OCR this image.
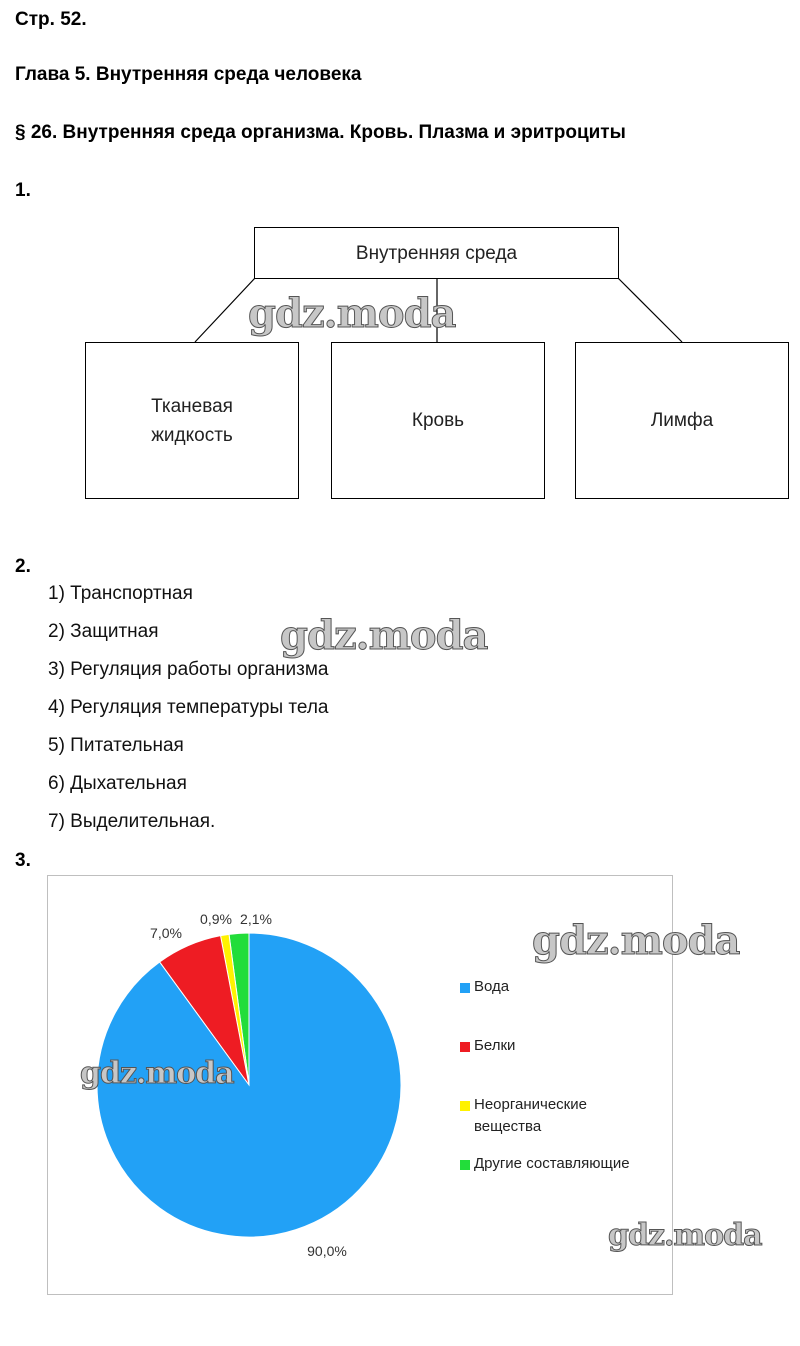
Стр. 52.
Глава 5. Внутренняя среда человека
§ 26. Внутренняя среда организма. Кровь. Плазма и эритроциты
1.
Внутренняя среда
Тканевая
жидкость
Кровь	Лимфа
2.
1) Транспортная
2) Защитная
3) Регуляция работы организма
4) Регуляция температуры тела
5) Питательная
6) Дыхательная
7) Выделительная.
3.
90,0%
7,0%
0,9% 2,1%
Вода
Белки
Неорганические
вещества
Другие составляющие
gdz.moda
gdz.moda
gdz.moda
gdz.moda
gdz.moda
